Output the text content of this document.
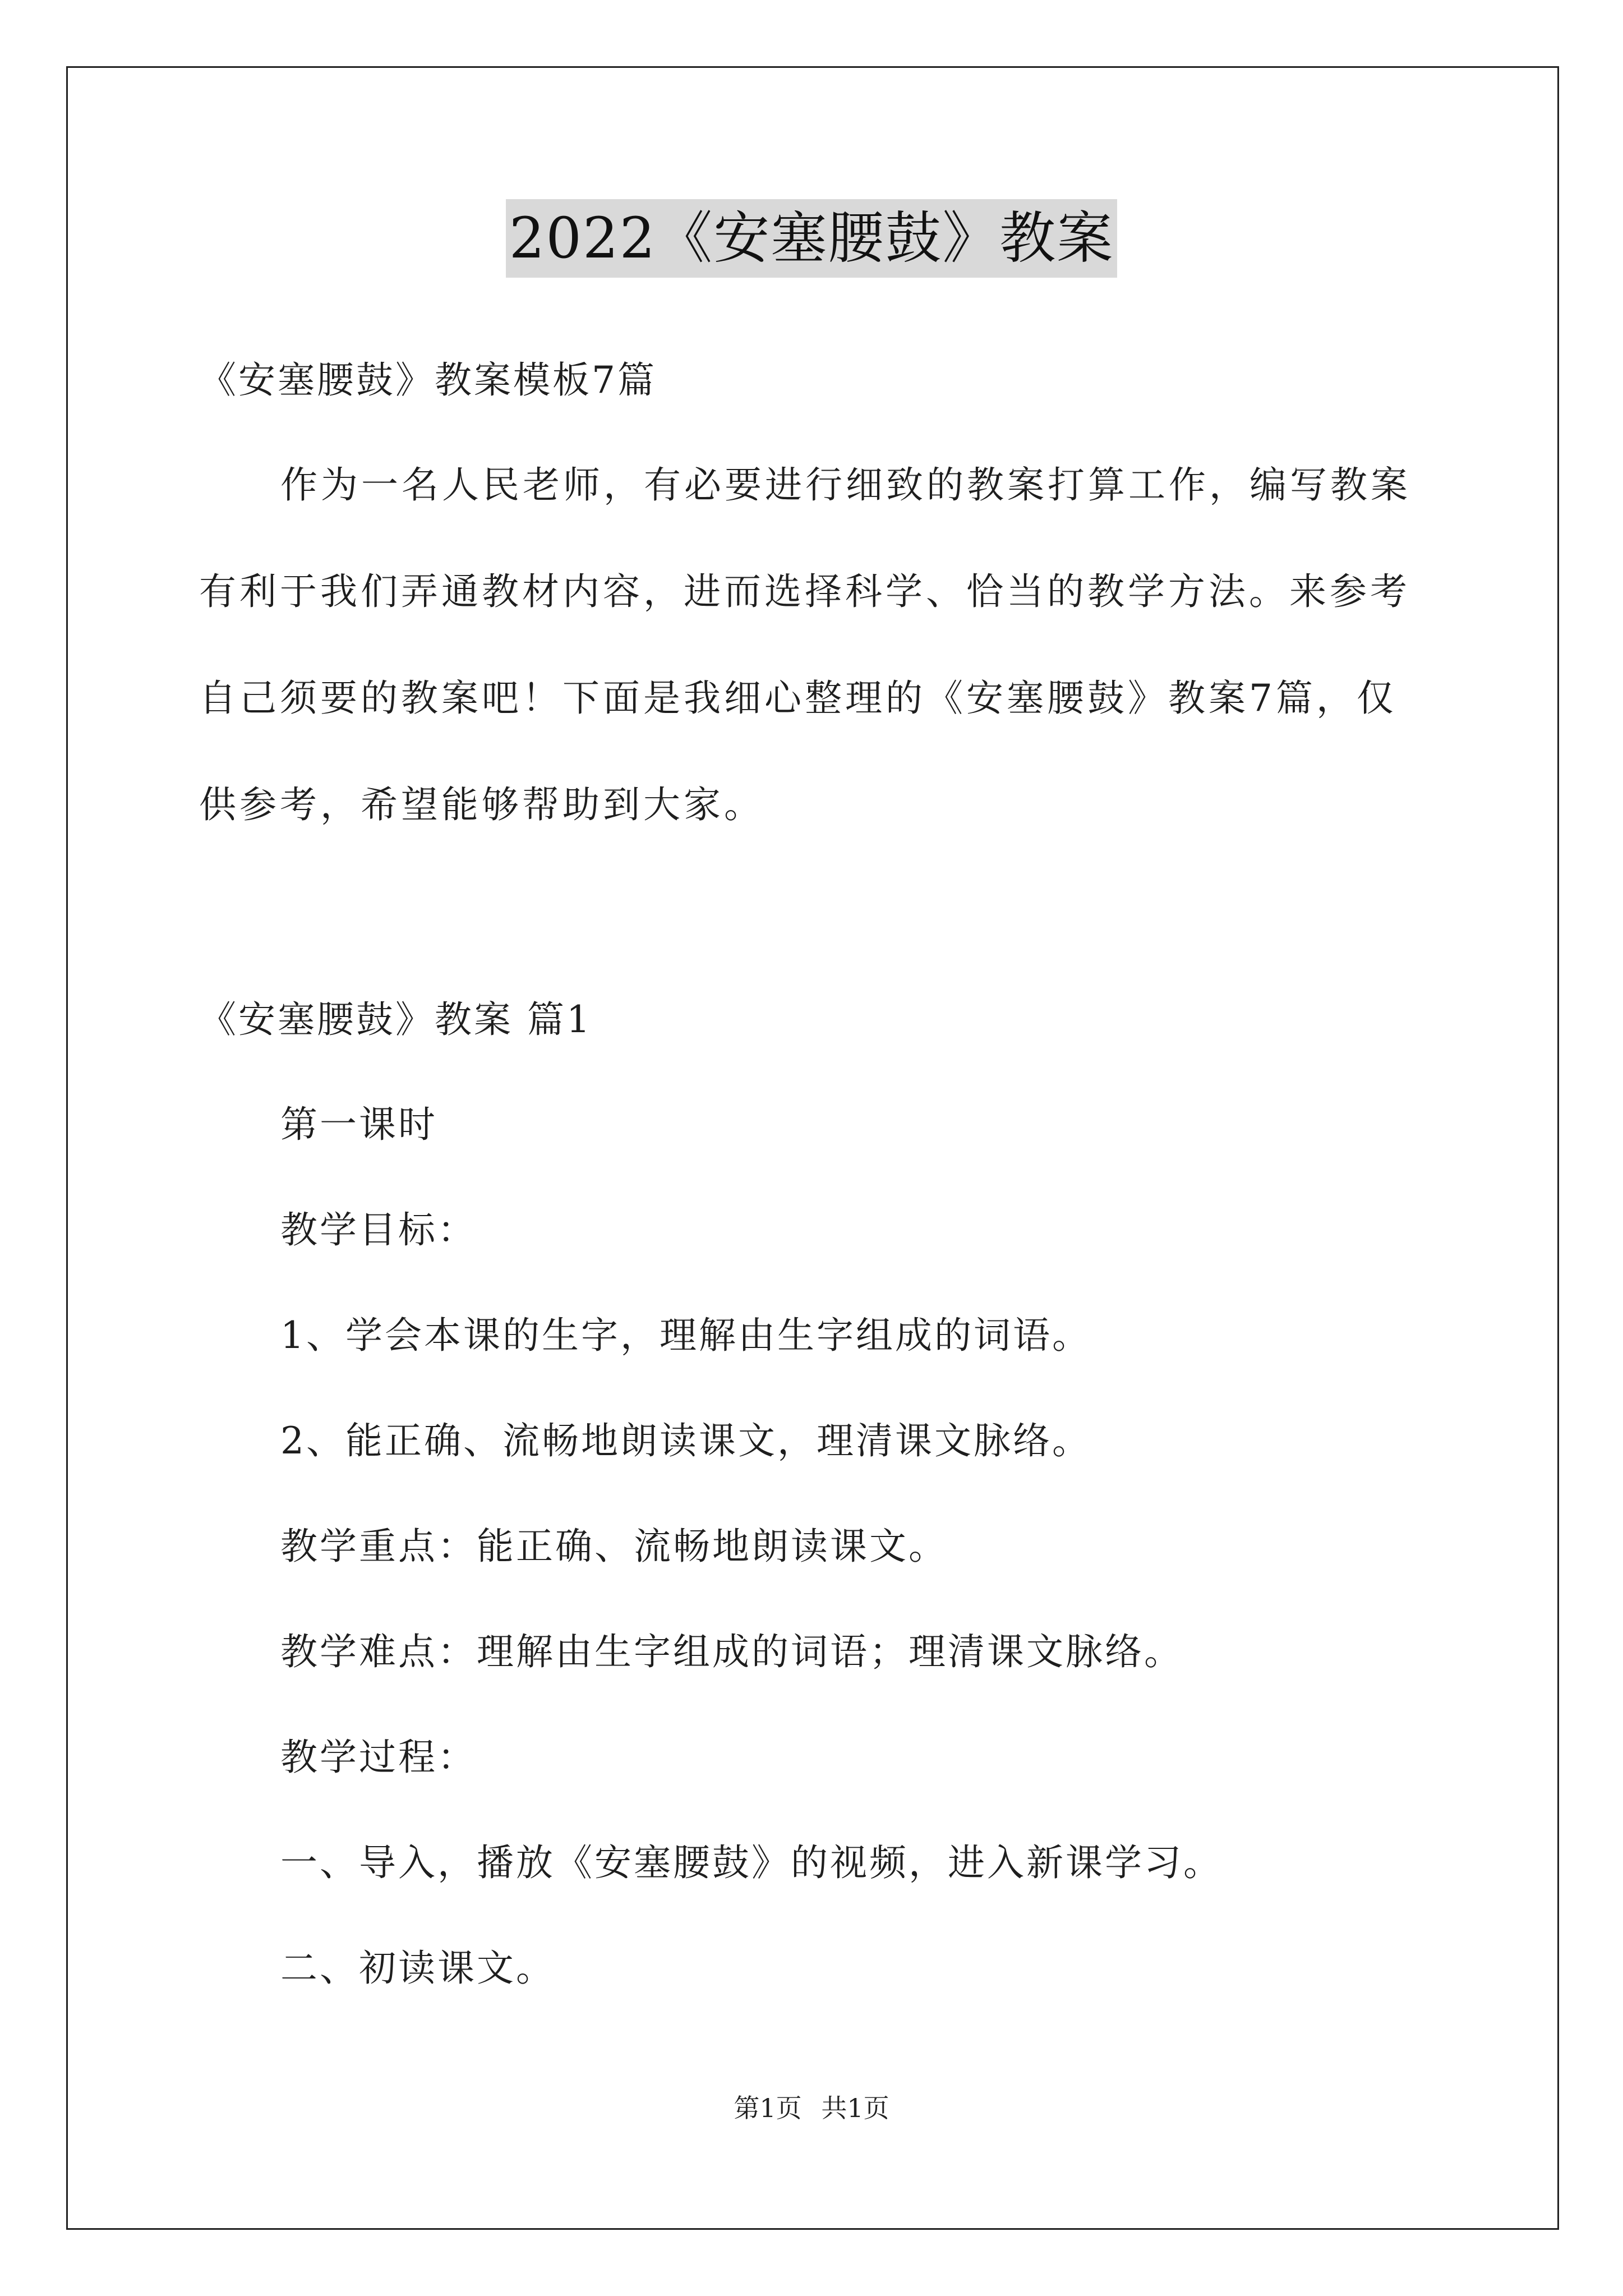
2022《安塞腰鼓》教案
《安塞腰鼓》教案模板7篇
作为一名人民老师，有必要进行细致的教案打算工作，编写教案
有利于我们弄通教材内容，进而选择科学、恰当的教学方法。来参考
自己须要的教案吧！下面是我细心整理的《安塞腰鼓》教案7篇，仅
供参考，希望能够帮助到大家。
《安塞腰鼓》教案 篇1
第一课时
教学目标：
1、学会本课的生字，理解由生字组成的词语。
2、能正确、流畅地朗读课文，理清课文脉络。
教学重点：能正确、流畅地朗读课文。
教学难点：理解由生字组成的词语；理清课文脉络。
教学过程：
一、导入，播放《安塞腰鼓》的视频，进入新课学习。
二、初读课文。
第1页 共1页
